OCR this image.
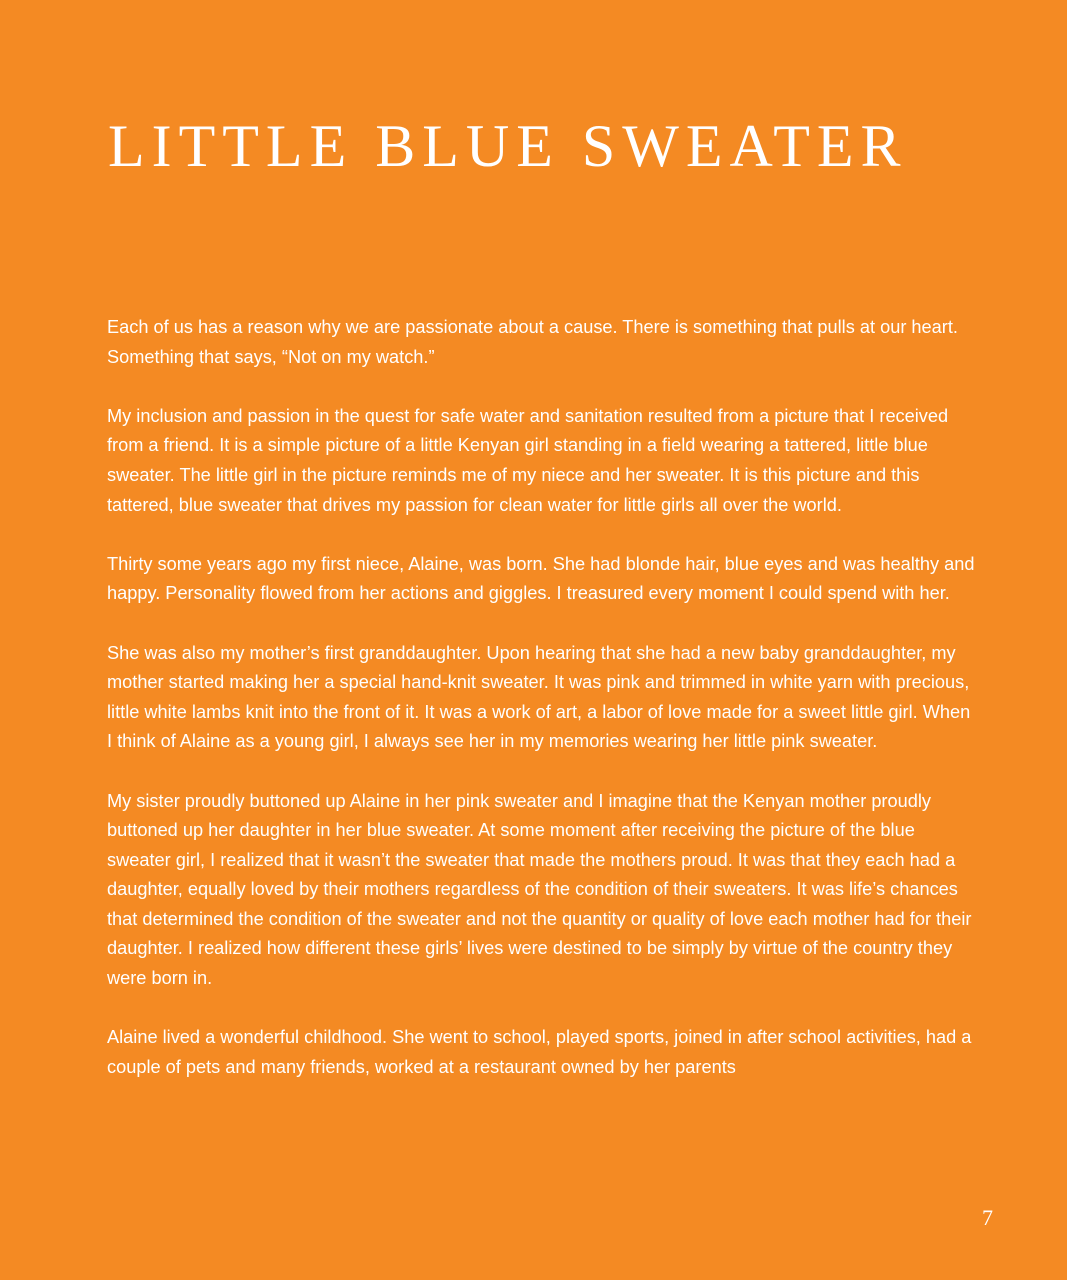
LITTLE BLUE SWEATER

Each of us has a reason why we are passionate about a cause. There is something that pulls at our heart. Something that says, “Not on my watch.”

My inclusion and passion in the quest for safe water and sanitation resulted from a picture that I received from a friend. It is a simple picture of a little Kenyan girl standing in a field wearing a tattered, little blue sweater. The little girl in the picture reminds me of my niece and her sweater. It is this picture and this tattered, blue sweater that drives my passion for clean water for little girls all over the world.

Thirty some years ago my first niece, Alaine, was born. She had blonde hair, blue eyes and was healthy and happy. Personality flowed from her actions and giggles. I treasured every moment I could spend with her.

She was also my mother’s first granddaughter. Upon hearing that she had a new baby granddaughter, my mother started making her a special hand-knit sweater. It was pink and trimmed in white yarn with precious, little white lambs knit into the front of it. It was a work of art, a labor of love made for a sweet little girl. When I think of Alaine as a young girl, I always see her in my memories wearing her little pink sweater.

My sister proudly buttoned up Alaine in her pink sweater and I imagine that the Kenyan mother proudly buttoned up her daughter in her blue sweater. At some moment after receiving the picture of the blue sweater girl, I realized that it wasn’t the sweater that made the mothers proud. It was that they each had a daughter, equally loved by their mothers regardless of the condition of their sweaters. It was life’s chances that determined the condition of the sweater and not the quantity or quality of love each mother had for their daughter. I realized how different these girls’ lives were destined to be simply by virtue of the country they were born in.

Alaine lived a wonderful childhood. She went to school, played sports, joined in after school activities, had a couple of pets and many friends, worked at a restaurant owned by her parents

7
